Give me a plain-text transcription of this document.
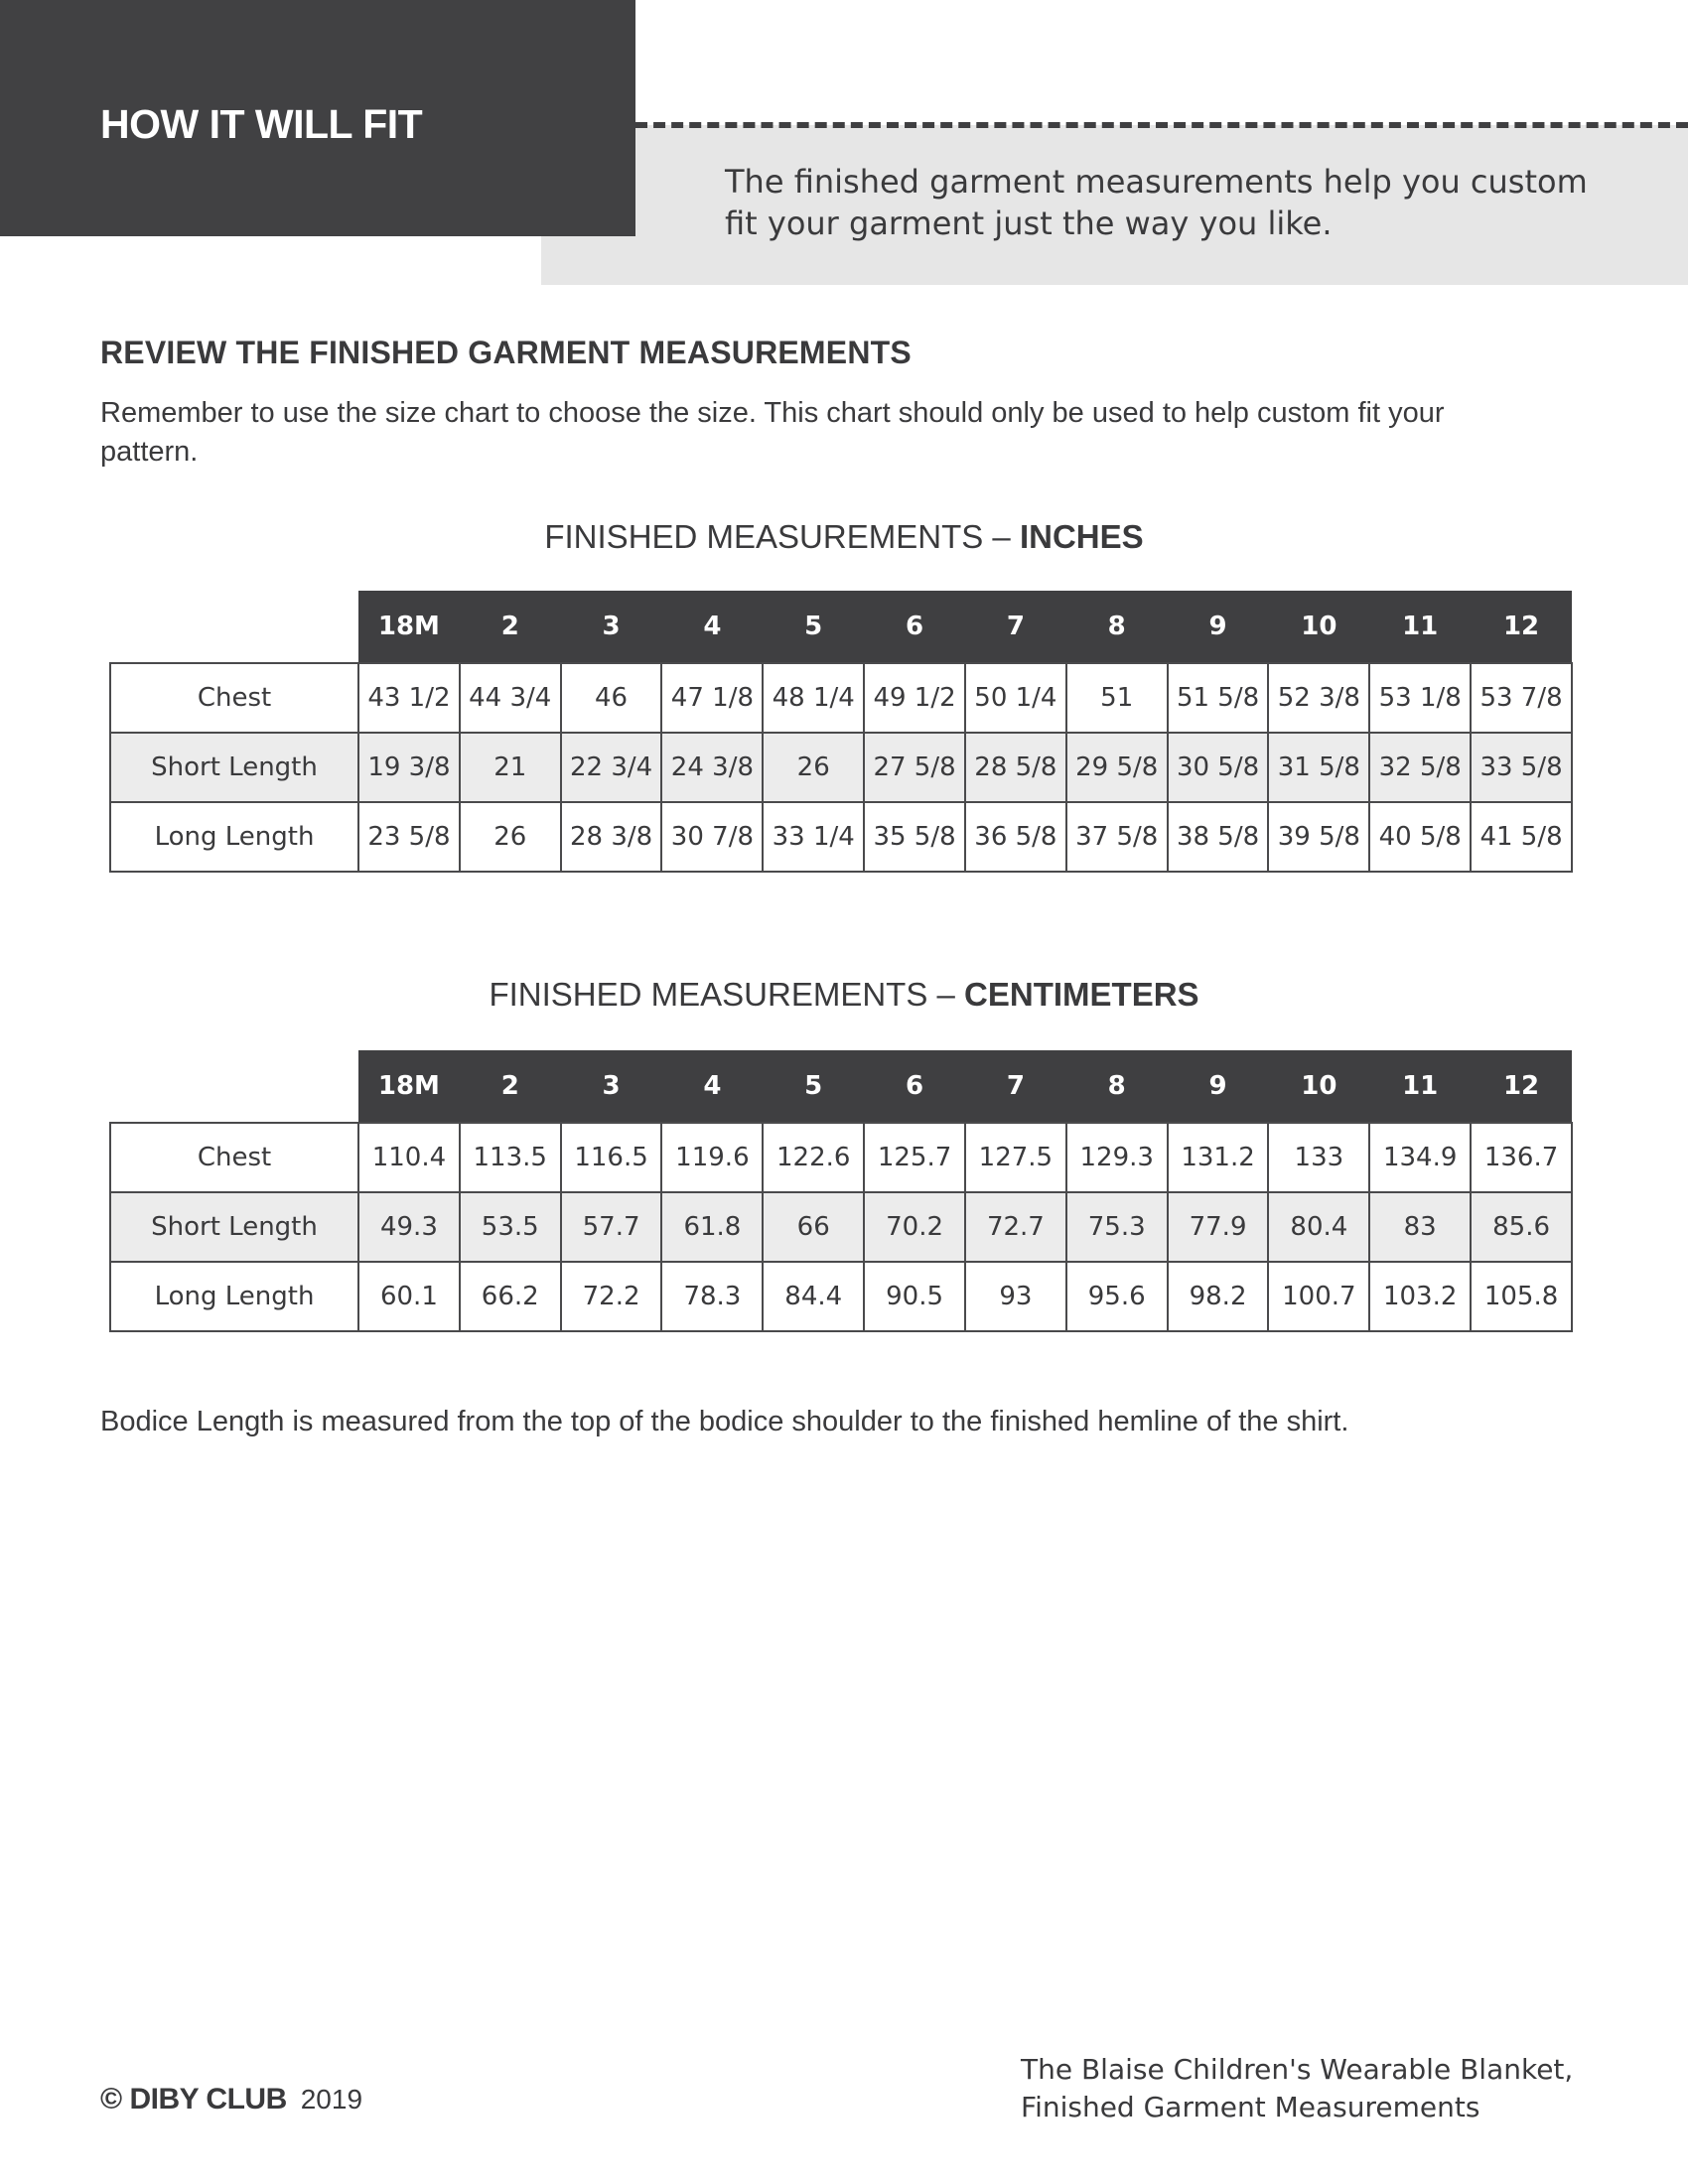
HOW IT WILL FIT

The finished garment measurements help you custom
fit your garment just the way you like.

REVIEW THE FINISHED GARMENT MEASUREMENTS

Remember to use the size chart to choose the size. This chart should only be used to help custom fit your pattern.

FINISHED MEASUREMENTS – INCHES

	18M	2	3	4	5	6	7	8	9	10	11	12
Chest	43 1/2	44 3/4	46	47 1/8	48 1/4	49 1/2	50 1/4	51	51 5/8	52 3/8	53 1/8	53 7/8
Short Length	19 3/8	21	22 3/4	24 3/8	26	27 5/8	28 5/8	29 5/8	30 5/8	31 5/8	32 5/8	33 5/8
Long Length	23 5/8	26	28 3/8	30 7/8	33 1/4	35 5/8	36 5/8	37 5/8	38 5/8	39 5/8	40 5/8	41 5/8

FINISHED MEASUREMENTS – CENTIMETERS

	18M	2	3	4	5	6	7	8	9	10	11	12
Chest	110.4	113.5	116.5	119.6	122.6	125.7	127.5	129.3	131.2	133	134.9	136.7
Short Length	49.3	53.5	57.7	61.8	66	70.2	72.7	75.3	77.9	80.4	83	85.6
Long Length	60.1	66.2	72.2	78.3	84.4	90.5	93	95.6	98.2	100.7	103.2	105.8

Bodice Length is measured from the top of the bodice shoulder to the finished hemline of the shirt.

© DIBY CLUB 2019

The Blaise Children's Wearable Blanket,
Finished Garment Measurements
